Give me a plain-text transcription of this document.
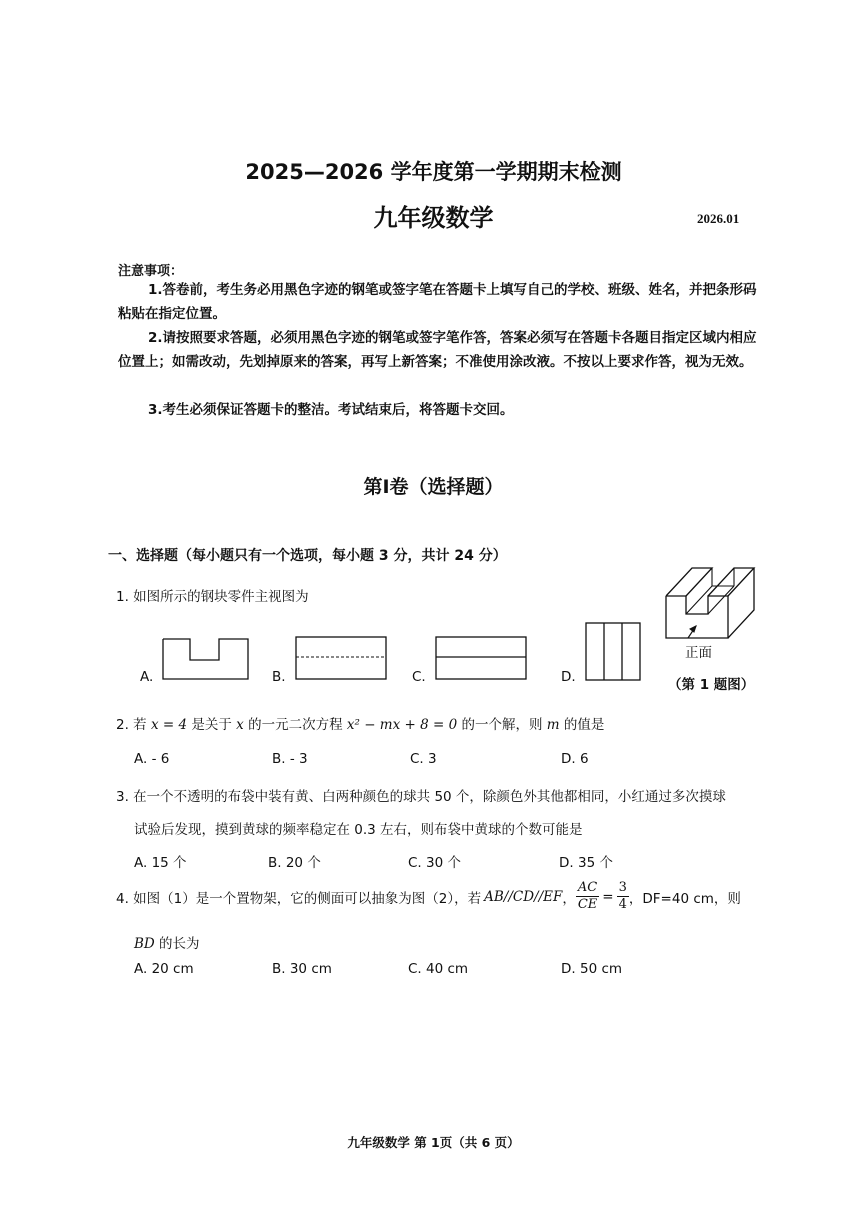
2025—2026 学年度第一学期期末检测
九年级数学	2026.01
注意事项：
1.答卷前，考生务必用黑色字迹的钢笔或签字笔在答题卡上填写自己的学校、班级、姓名，并把条形码粘贴在指定位置。
2.请按照要求答题，必须用黑色字迹的钢笔或签字笔作答，答案必须写在答题卡各题目指定区域内相应位置上；如需改动，先划掉原来的答案，再写上新答案；不准使用涂改液。不按以上要求作答，视为无效。
3.考生必须保证答题卡的整洁。考试结束后，将答题卡交回。
第Ⅰ卷（选择题）
一、选择题（每小题只有一个选项，每小题 3 分，共计 24 分）
1. 如图所示的钢块零件主视图为
A.	B.	C.	D.
正面
（第 1 题图）
2. 若 x = 4 是关于 x 的一元二次方程 x² − mx + 8 = 0 的一个解，则 m 的值是
A. - 6	B. - 3	C. 3	D. 6
3. 在一个不透明的布袋中装有黄、白两种颜色的球共 50 个，除颜色外其他都相同，小红通过多次摸球
试验后发现，摸到黄球的频率稳定在 0.3 左右，则布袋中黄球的个数可能是
A. 15 个	B. 20 个	C. 30 个	D. 35 个
4. 如图（1）是一个置物架，它的侧面可以抽象为图（2），若 AB//CD//EF ， $\frac{AC}{CE} = \frac{3}{4}$ ，DF=40 cm，则
BD 的长为
A. 20 cm	B. 30 cm	C. 40 cm	D. 50 cm
九年级数学 第 1页（共 6 页）
